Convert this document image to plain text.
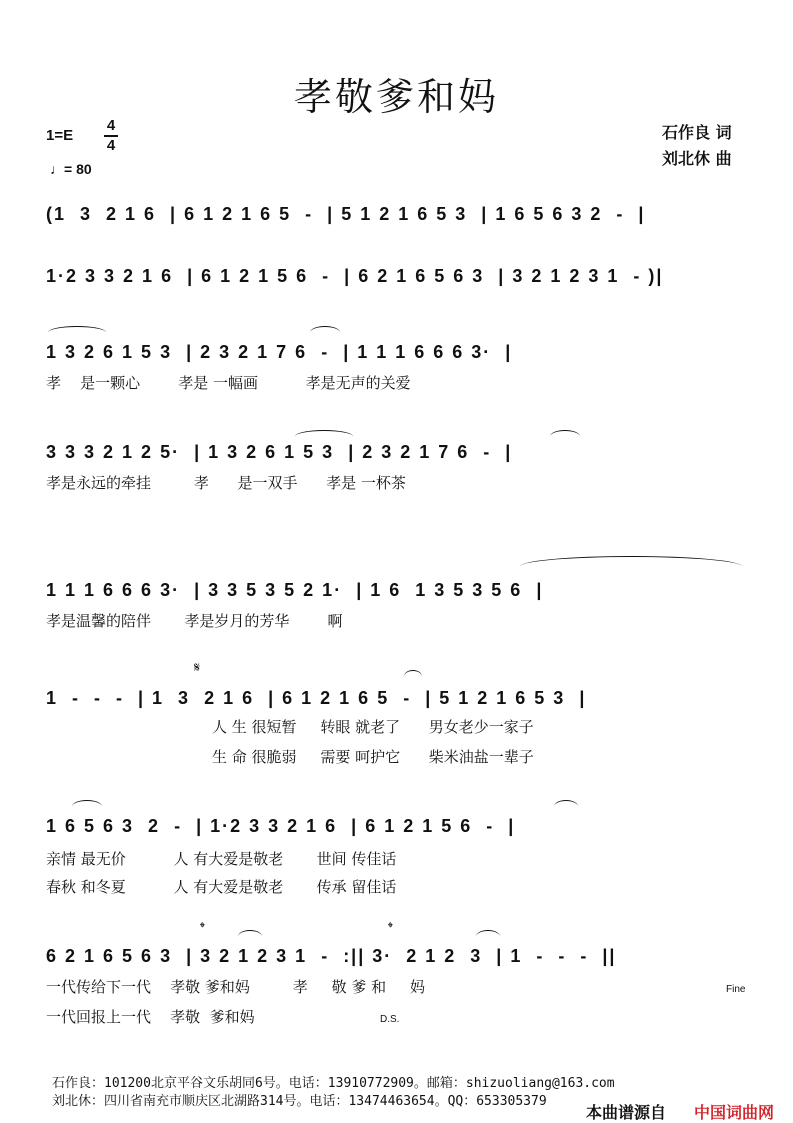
孝敬爹和妈
1=E
4
4
♩= 80
石作良 词
刘北休 曲
(1  3  2 1 6  | 6 1 2 1 6 5  -  | 5 1 2 1 6 5 3  | 1 6 5 6 3 2  -  |
1·2 3 3 2 1 6  | 6 1 2 1 5 6  -  | 6 2 1 6 5 6 3  | 3 2 1 2 3 1  - )|
1 3 2 6 1 5 3  | 2 3 2 1 7 6  -  | 1 1 1 6 6 6 3·  |
孝    是一颗心        孝是 一幅画          孝是无声的关爱
3 3 3 2 1 2 5·  | 1 3 2 6 1 5 3  | 2 3 2 1 7 6  -  |
孝是永远的牵挂         孝      是一双手      孝是 一杯茶
1 1 1 6 6 6 3·  | 3 3 5 3 5 2 1·  | 1 6  1 3 5 3 5 6  |
孝是温馨的陪伴       孝是岁月的芳华        啊
𝄋
1  -  -  -  | 1  3  2 1 6  | 6 1 2 1 6 5  -  | 5 1 2 1 6 5 3  |
人 生 很短暂     转眼 就老了      男女老少一家子
生 命 很脆弱     需要 呵护它      柴米油盐一辈子
1 6 5 6 3  2  -  | 1·2 3 3 2 1 6  | 6 1 2 1 5 6  -  |
亲情 最无价          人 有大爱是敬老       世间 传佳话
春秋 和冬夏          人 有大爱是敬老       传承 留佳话
𝄌	𝄌
6 2 1 6 5 6 3  | 3 2 1 2 3 1  -  :|| 3·  2 1 2  3  | 1  -  -  -  ||
一代传给下一代    孝敬 爹和妈         孝     敬 爹 和     妈
一代回报上一代    孝敬  爹和妈
Fine
D.S.
石作良：101200北京平谷文乐胡同6号。电话：13910772909。邮箱：shizuoliang@163.com
刘北休：四川省南充市顺庆区北湖路314号。电话：13474463654。QQ：653305379
本曲谱源自 中国词曲网
